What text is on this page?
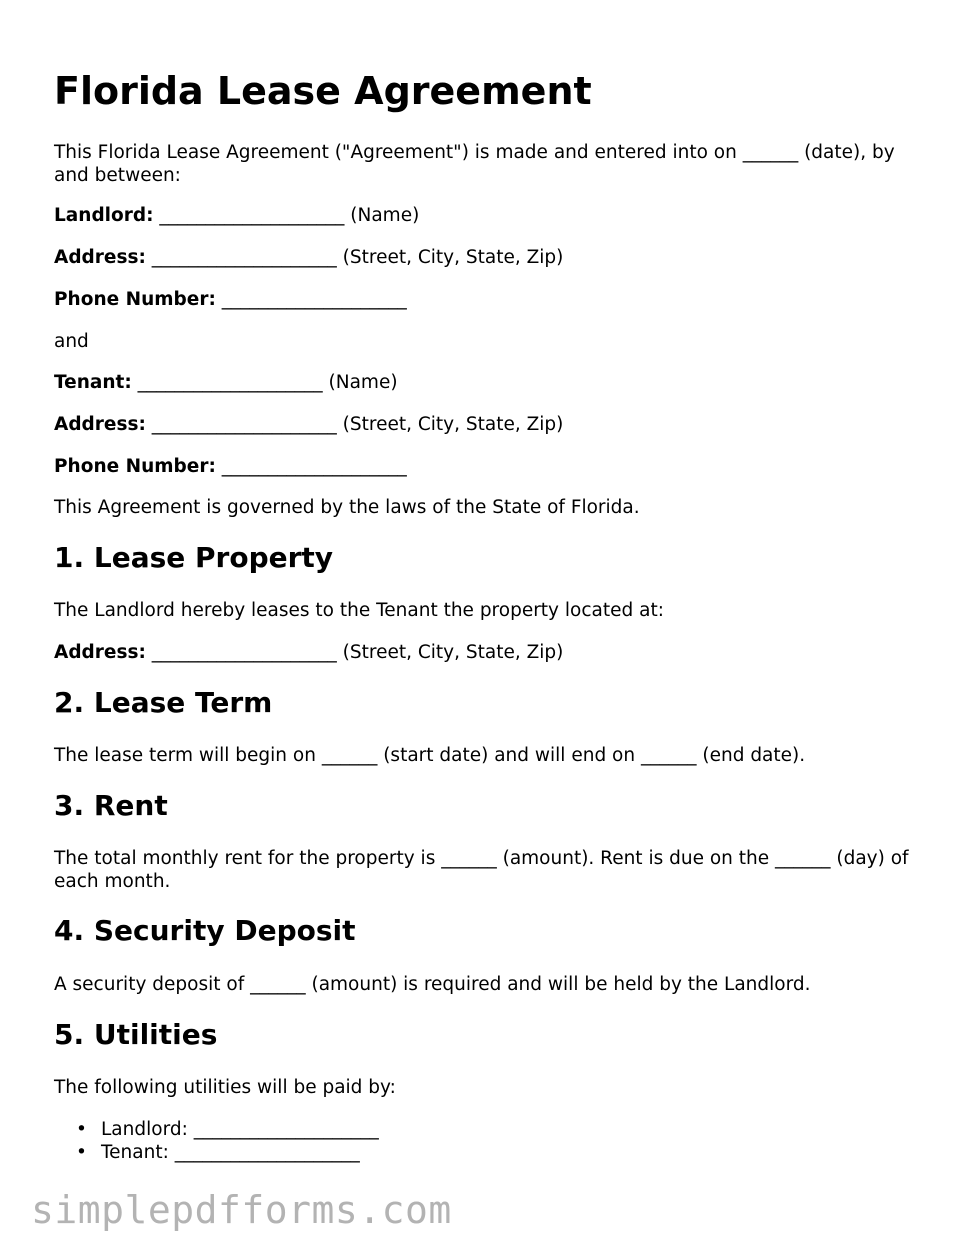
Florida Lease Agreement
This Florida Lease Agreement ("Agreement") is made and entered into on ______ (date), by and between:
Landlord: ____________________ (Name)
Address: ____________________ (Street, City, State, Zip)
Phone Number: ____________________
and
Tenant: ____________________ (Name)
Address: ____________________ (Street, City, State, Zip)
Phone Number: ____________________
This Agreement is governed by the laws of the State of Florida.
1. Lease Property
The Landlord hereby leases to the Tenant the property located at:
Address: ____________________ (Street, City, State, Zip)
2. Lease Term
The lease term will begin on ______ (start date) and will end on ______ (end date).
3. Rent
The total monthly rent for the property is ______ (amount). Rent is due on the ______ (day) of each month.
4. Security Deposit
A security deposit of ______ (amount) is required and will be held by the Landlord.
5. Utilities
The following utilities will be paid by:
• Landlord: ____________________
• Tenant: ____________________
simplepdfforms.com
